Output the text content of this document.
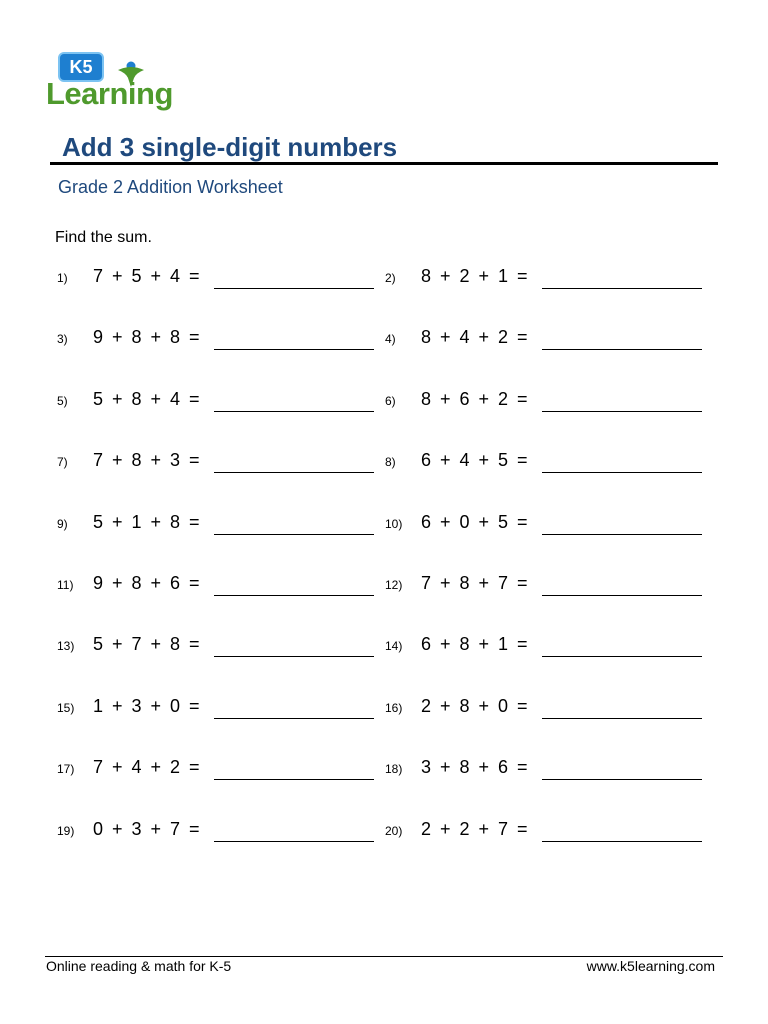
K5
Learning
Add 3 single-digit numbers
Grade 2 Addition Worksheet
Find the sum.
1) 7 + 5 + 4 =	2) 8 + 2 + 1 =
3) 9 + 8 + 8 =	4) 8 + 4 + 2 =
5) 5 + 8 + 4 =	6) 8 + 6 + 2 =
7) 7 + 8 + 3 =	8) 6 + 4 + 5 =
9) 5 + 1 + 8 =	10) 6 + 0 + 5 =
11) 9 + 8 + 6 =	12) 7 + 8 + 7 =
13) 5 + 7 + 8 =	14) 6 + 8 + 1 =
15) 1 + 3 + 0 =	16) 2 + 8 + 0 =
17) 7 + 4 + 2 =	18) 3 + 8 + 6 =
19) 0 + 3 + 7 =	20) 2 + 2 + 7 =
Online reading & math for K-5	www.k5learning.com
